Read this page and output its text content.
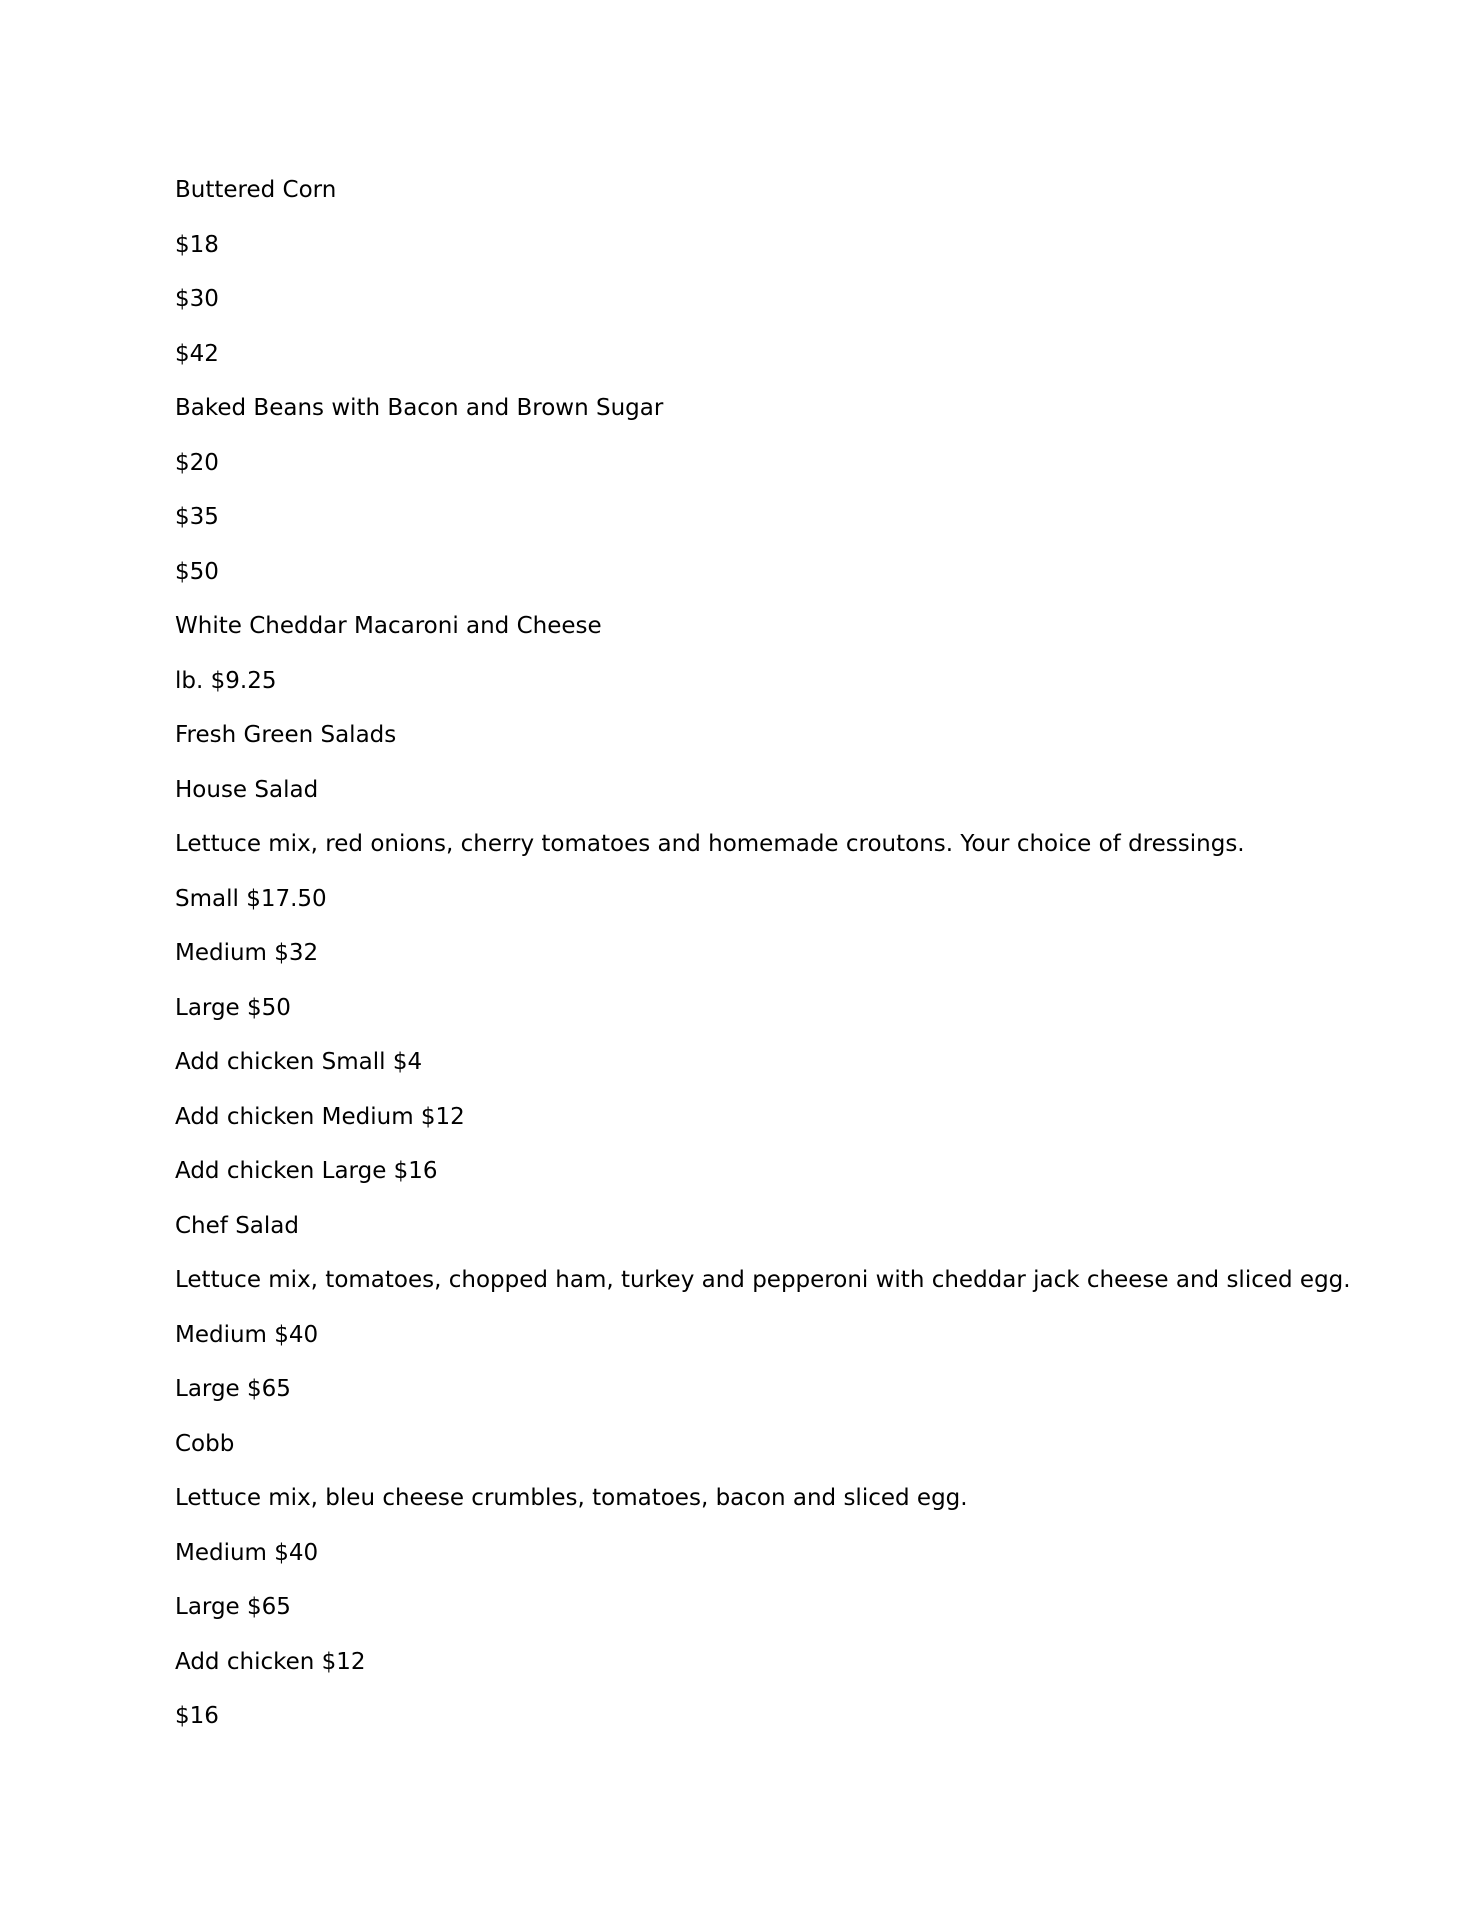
Buttered Corn

$18

$30

$42

Baked Beans with Bacon and Brown Sugar

$20

$35

$50

White Cheddar Macaroni and Cheese

lb. $9.25

Fresh Green Salads

House Salad

Lettuce mix, red onions, cherry tomatoes and homemade croutons. Your choice of dressings.

Small $17.50

Medium $32

Large $50

Add chicken Small $4

Add chicken Medium $12

Add chicken Large $16

Chef Salad

Lettuce mix, tomatoes, chopped ham, turkey and pepperoni with cheddar jack cheese and sliced egg.

Medium $40

Large $65

Cobb

Lettuce mix, bleu cheese crumbles, tomatoes, bacon and sliced egg.

Medium $40

Large $65

Add chicken $12

$16
